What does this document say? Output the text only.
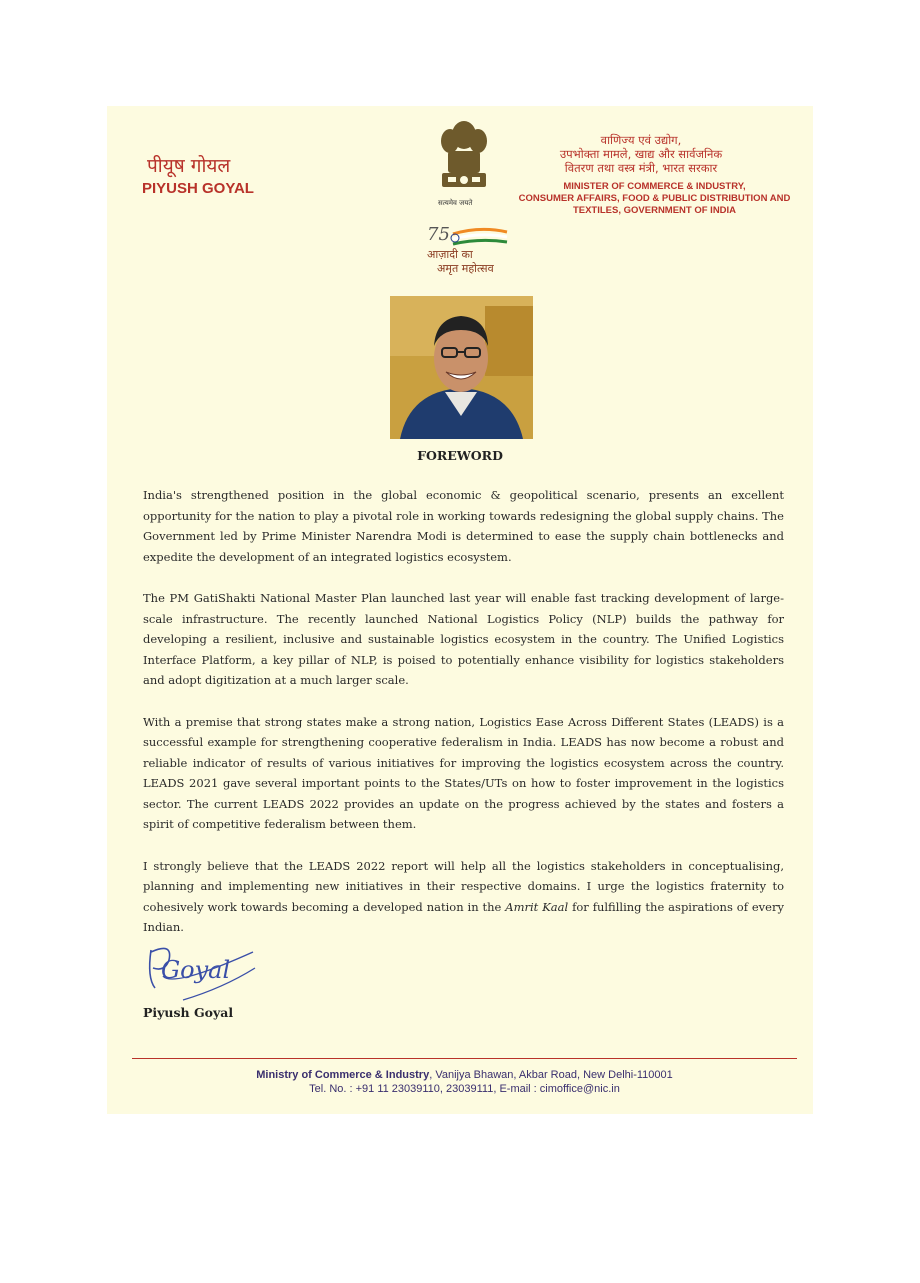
पीयूष गोयल
PIYUSH GOYAL
सत्यमेव जयते
75
आज़ादी का
अमृत महोत्सव
वाणिज्य एवं उद्योग,
उपभोक्ता मामले, खाद्य और सार्वजनिक
वितरण तथा वस्त्र मंत्री, भारत सरकार
MINISTER OF COMMERCE & INDUSTRY,
CONSUMER AFFAIRS, FOOD & PUBLIC DISTRIBUTION AND
TEXTILES, GOVERNMENT OF INDIA
FOREWORD

India's strengthened position in the global economic & geopolitical scenario, presents an excellent opportunity for the nation to play a pivotal role in working towards redesigning the global supply chains. The Government led by Prime Minister Narendra Modi is determined to ease the supply chain bottlenecks and expedite the development of an integrated logistics ecosystem.

The PM GatiShakti National Master Plan launched last year will enable fast tracking development of large-scale infrastructure. The recently launched National Logistics Policy (NLP) builds the pathway for developing a resilient, inclusive and sustainable logistics ecosystem in the country. The Unified Logistics Interface Platform, a key pillar of NLP, is poised to potentially enhance visibility for logistics stakeholders and adopt digitization at a much larger scale.

With a premise that strong states make a strong nation, Logistics Ease Across Different States (LEADS) is a successful example for strengthening cooperative federalism in India. LEADS has now become a robust and reliable indicator of results of various initiatives for improving the logistics ecosystem across the country. LEADS 2021 gave several important points to the States/UTs on how to foster improvement in the logistics sector. The current LEADS 2022 provides an update on the progress achieved by the states and fosters a spirit of competitive federalism between them.

I strongly believe that the LEADS 2022 report will help all the logistics stakeholders in conceptualising, planning and implementing new initiatives in their respective domains. I urge the logistics fraternity to cohesively work towards becoming a developed nation in the Amrit Kaal for fulfilling the aspirations of every Indian.

Goyal
Piyush Goyal
Ministry of Commerce & Industry, Vanijya Bhawan, Akbar Road, New Delhi-110001
Tel. No. : +91 11 23039110, 23039111, E-mail : cimoffice@nic.in
